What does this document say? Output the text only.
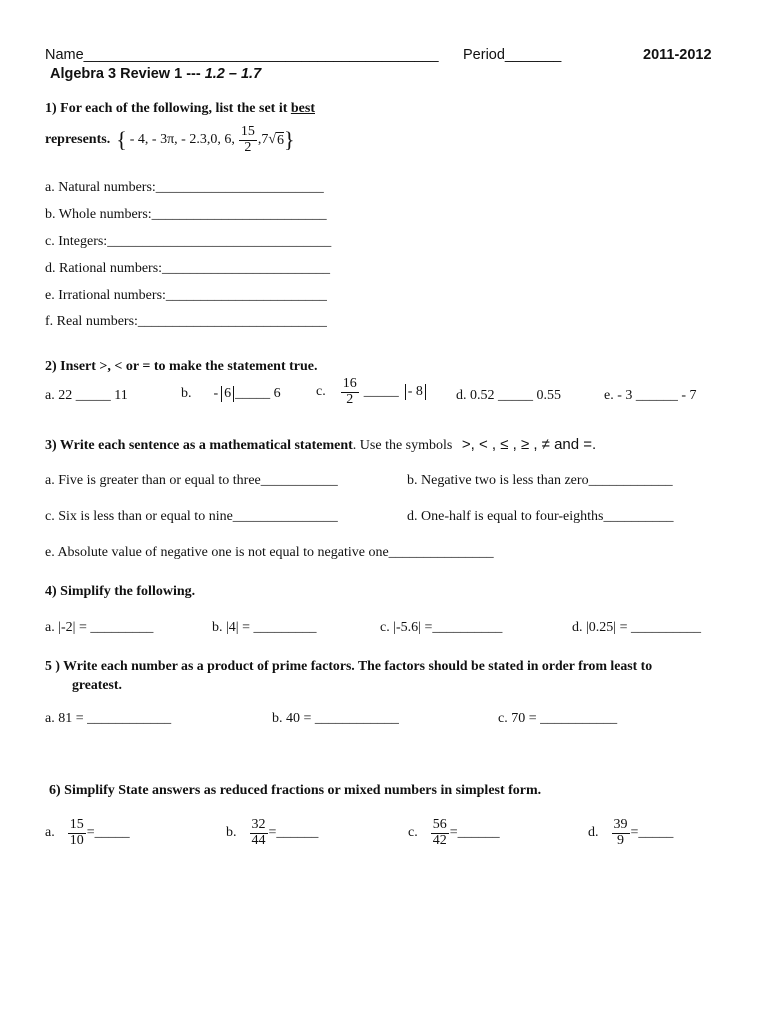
Name____________________________________________ Period_______	2011-2012
Algebra 3 Review 1 --- 1.2 – 1.7
1) For each of the following, list the set it best
represents. { - 4, - 3π, - 2.3,0, 6, $\frac{15}{2} ,7$ √ 6 }
a. Natural numbers:________________________
b. Whole numbers:_________________________
c. Integers:________________________________
d. Rational numbers:________________________
e. Irrational numbers:_______________________
f. Real numbers:___________________________
2) Insert >, < or = to make the statement true.
a. 22 _____ 11	b. - 6 _____ 6	c. $\frac{16}{2}$ _____ - 8 d. 0.52 _____ 0.55	e. - 3 ______ - 7
3) Write each sentence as a mathematical statement. Use the symbols >, < , ≤ , ≥ , ≠ and =.
a. Five is greater than or equal to three___________	b. Negative two is less than zero____________
c. Six is less than or equal to nine_______________	d. One-half is equal to four-eighths__________
e. Absolute value of negative one is not equal to negative one_______________
4) Simplify the following.
a. |-2| = _________	b. |4| = _________	c. |-5.6| =__________	d. |0.25| = __________
5 ) Write each number as a product of prime factors. The factors should be stated in order from least to
greatest.
a. 81 = ____________	b. 40 = ____________	c. 70 = ___________
6) Simplify State answers as reduced fractions or mixed numbers in simplest form.
a. $\frac{15}{10}$ =_____	b. $\frac{32}{44}$ =______	c. $\frac{56}{42}$ =______	d. $\frac{39}{9}$ =_____
